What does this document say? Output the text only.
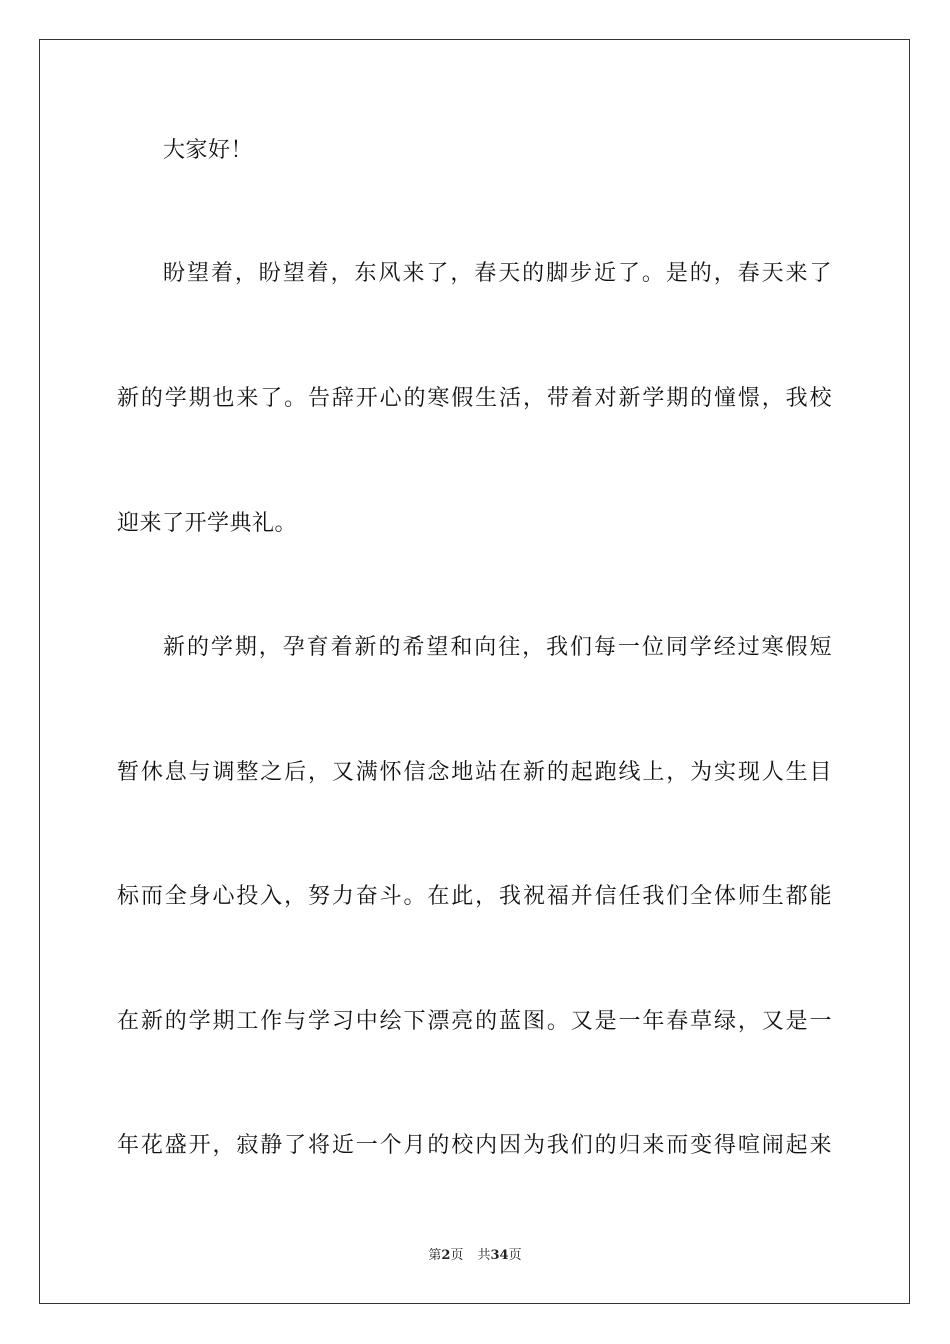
大家好！
盼望着，盼望着，东风来了，春天的脚步近了。是的，春天来了
新的学期也来了。告辞开心的寒假生活，带着对新学期的憧憬，我校
迎来了开学典礼。
新的学期，孕育着新的希望和向往，我们每一位同学经过寒假短
暂休息与调整之后，又满怀信念地站在新的起跑线上，为实现人生目
标而全身心投入，努力奋斗。在此，我祝福并信任我们全体师生都能
在新的学期工作与学习中绘下漂亮的蓝图。又是一年春草绿，又是一
年花盛开，寂静了将近一个月的校内因为我们的归来而变得喧闹起来
第2页 共34页
